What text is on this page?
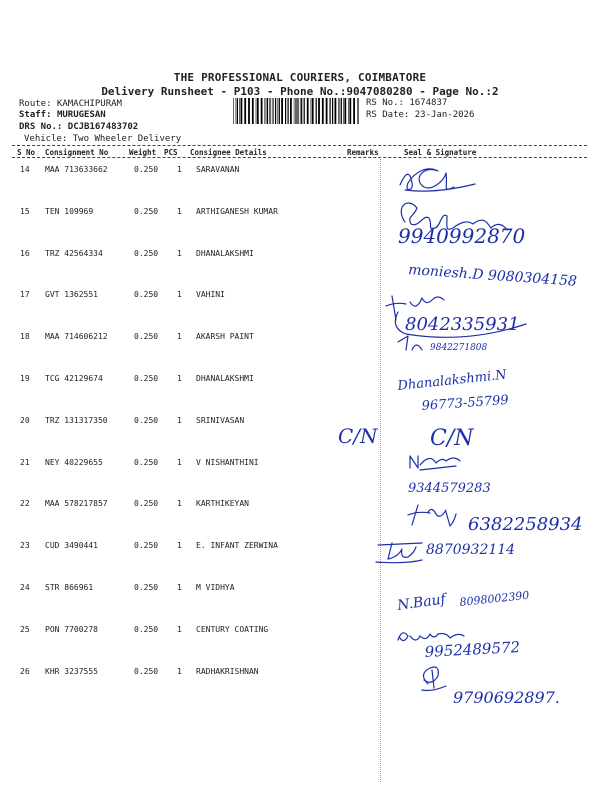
THE PROFESSIONAL COURIERS, COIMBATORE
Delivery Runsheet - P103 - Phone No.:9047080280 - Page No.:2
Route: KAMACHIPURAM
Staff: MURUGESAN
DRS No.: DCJB167483702
Vehicle: Two Wheeler Delivery
RS No.: 1674837
RS Date: 23-Jan-2026
S No Consignment No	Weight PCS Consignee Details	Remarks	Seal & Signature
14 MAA 713633662	0.250 1 SARAVANAN
15 TEN 109969	0.250 1 ARTHIGANESH KUMAR
16 TRZ 42564334	0.250 1 DHANALAKSHMI
17 GVT 1362551	0.250 1 VAHINI
18 MAA 714606212	0.250 1 AKARSH PAINT
19 TCG 42129674	0.250 1 DHANALAKSHMI
20 TRZ 131317350	0.250 1 SRINIVASAN
21 NEY 40229655	0.250 1 V NISHANTHINI
22 MAA 578217857	0.250 1 KARTHIKEYAN
23 CUD 3490441	0.250 1 E. INFANT ZERWINA
24 STR 866961	0.250 1 M VIDHYA
25 PON 7700278	0.250 1 CENTURY COATING
26 KHR 3237555	0.250 1 RADHAKRISHNAN
9940992870
moniesh.D 9080304158
8042335931
9842271808
Dhanalakshmi.N
96773-55799
C/N C/N
9344579283
6382258934
8870932114
N.Bauf 8098002390
9952489572
9790692897.
